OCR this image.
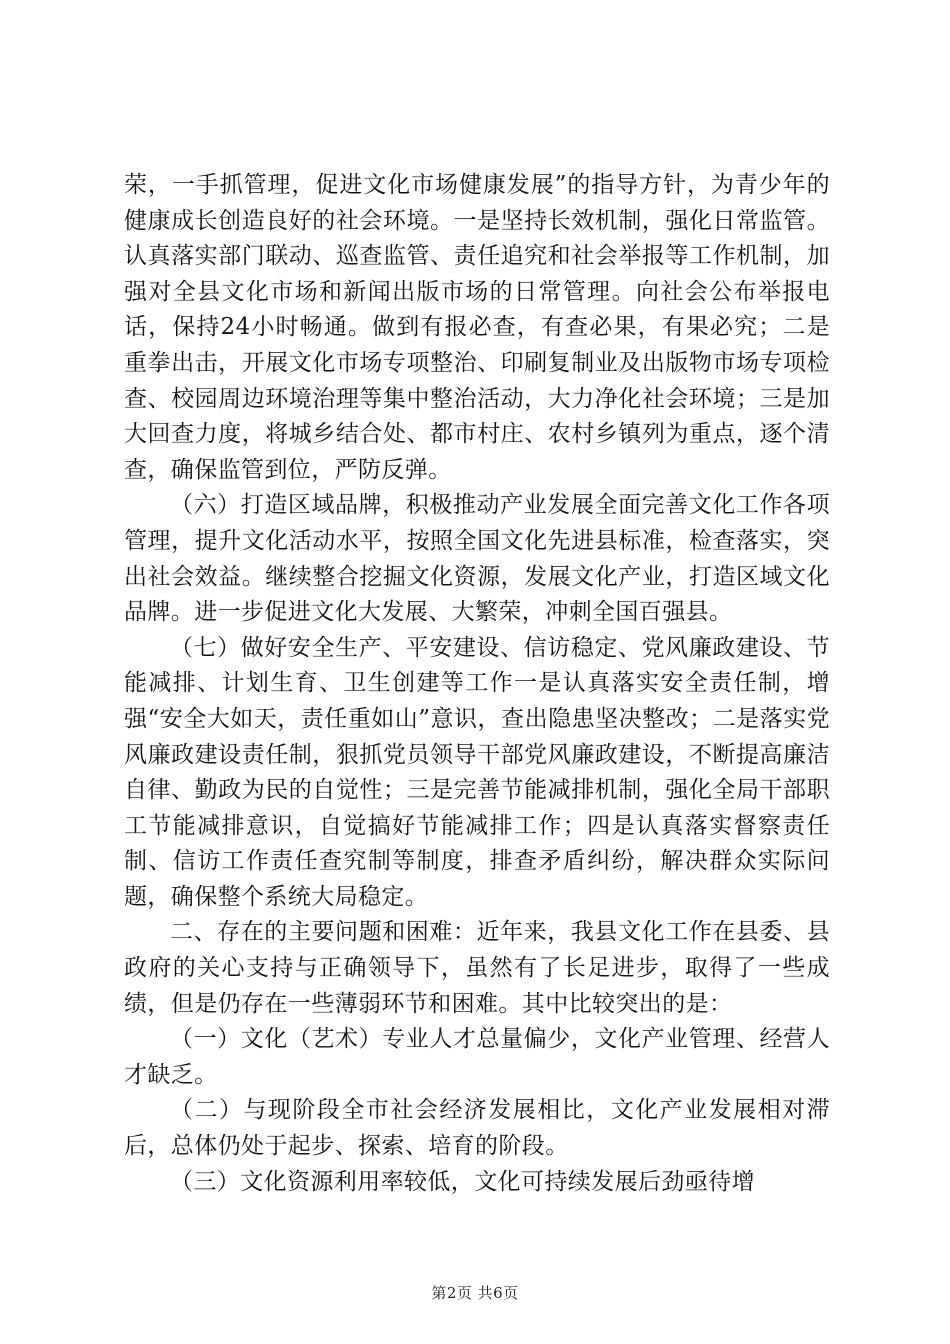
荣，一手抓管理，促进文化市场健康发展”的指导方针，为青少年的健康成长创造良好的社会环境。一是坚持长效机制，强化日常监管。认真落实部门联动、巡查监管、责任追究和社会举报等工作机制，加强对全县文化市场和新闻出版市场的日常管理。向社会公布举报电话，保持24小时畅通。做到有报必查，有查必果，有果必究；二是重拳出击，开展文化市场专项整治、印刷复制业及出版物市场专项检查、校园周边环境治理等集中整治活动，大力净化社会环境；三是加大回查力度，将城乡结合处、都市村庄、农村乡镇列为重点，逐个清查，确保监管到位，严防反弹。

（六）打造区域品牌，积极推动产业发展全面完善文化工作各项管理，提升文化活动水平，按照全国文化先进县标准，检查落实，突出社会效益。继续整合挖掘文化资源，发展文化产业，打造区域文化品牌。进一步促进文化大发展、大繁荣，冲刺全国百强县。

（七）做好安全生产、平安建设、信访稳定、党风廉政建设、节能减排、计划生育、卫生创建等工作一是认真落实安全责任制，增强“安全大如天，责任重如山”意识，查出隐患坚决整改；二是落实党风廉政建设责任制，狠抓党员领导干部党风廉政建设，不断提高廉洁自律、勤政为民的自觉性；三是完善节能减排机制，强化全局干部职工节能减排意识，自觉搞好节能减排工作；四是认真落实督察责任制、信访工作责任查究制等制度，排查矛盾纠纷，解决群众实际问题，确保整个系统大局稳定。

二、存在的主要问题和困难：近年来，我县文化工作在县委、县政府的关心支持与正确领导下，虽然有了长足进步，取得了一些成绩，但是仍存在一些薄弱环节和困难。其中比较突出的是：

（一）文化（艺术）专业人才总量偏少，文化产业管理、经营人才缺乏。

（二）与现阶段全市社会经济发展相比，文化产业发展相对滞后，总体仍处于起步、探索、培育的阶段。

（三）文化资源利用率较低，文化可持续发展后劲亟待增

第2页 共6页
